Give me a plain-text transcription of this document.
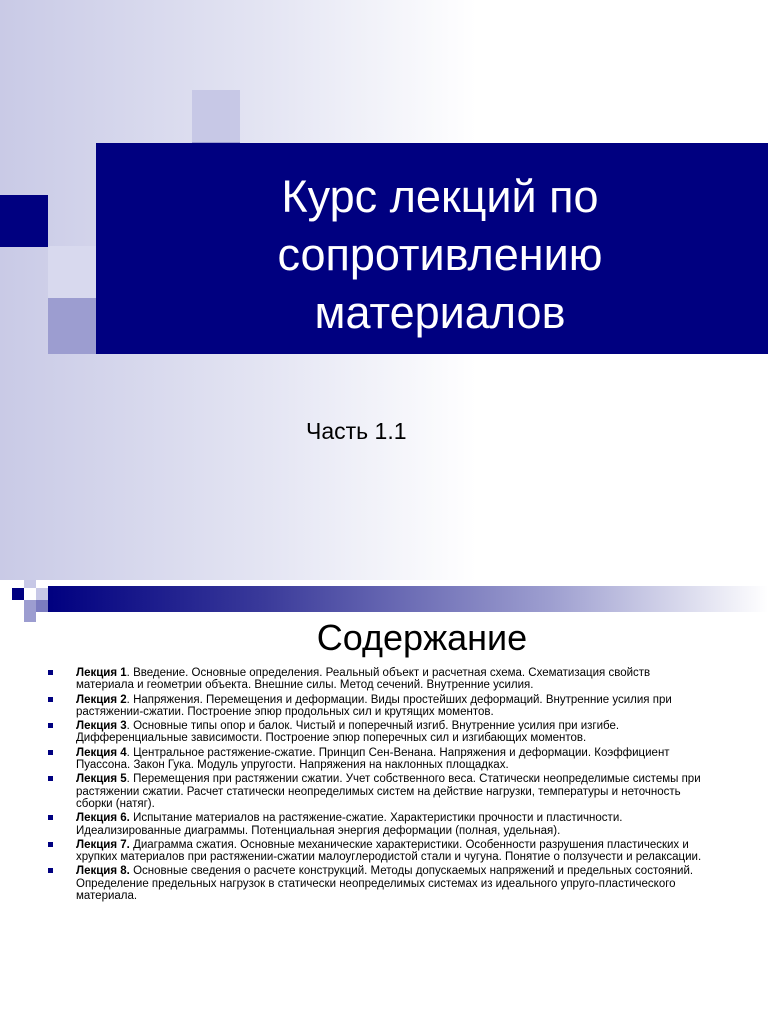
Курс лекций по сопротивлению материалов

Часть 1.1

Содержание
Лекция 1. Введение. Основные определения. Реальный объект и расчетная схема. Схематизация свойств материала и геометрии объекта. Внешние силы. Метод сечений. Внутренние усилия.
Лекция 2. Напряжения. Перемещения и деформации. Виды простейших деформаций. Внутренние усилия при растяжении-сжатии. Построение эпюр продольных сил и крутящих моментов.
Лекция 3. Основные типы опор и балок. Чистый и поперечный изгиб. Внутренние усилия при изгибе. Дифференциальные зависимости. Построение эпюр поперечных сил и изгибающих моментов.
Лекция 4. Центральное растяжение-сжатие. Принцип Сен-Венана. Напряжения и деформации. Коэффициент Пуассона. Закон Гука. Модуль упругости. Напряжения на наклонных площадках.
Лекция 5. Перемещения при растяжении сжатии. Учет собственного веса. Статически неопределимые системы при растяжении сжатии. Расчет статически неопределимых систем на действие нагрузки, температуры и неточность сборки (натяг).
Лекция 6. Испытание материалов на растяжение-сжатие. Характеристики прочности и пластичности. Идеализированные диаграммы. Потенциальная энергия деформации (полная, удельная).
Лекция 7. Диаграмма сжатия. Основные механические характеристики. Особенности разрушения пластических и хрупких материалов при растяжении-сжатии малоуглеродистой стали и чугуна. Понятие о ползучести и релаксации.
Лекция 8. Основные сведения о расчете конструкций. Методы допускаемых напряжений и предельных состояний. Определение предельных нагрузок в статически неопределимых системах из идеального упруго-пластического материала.
